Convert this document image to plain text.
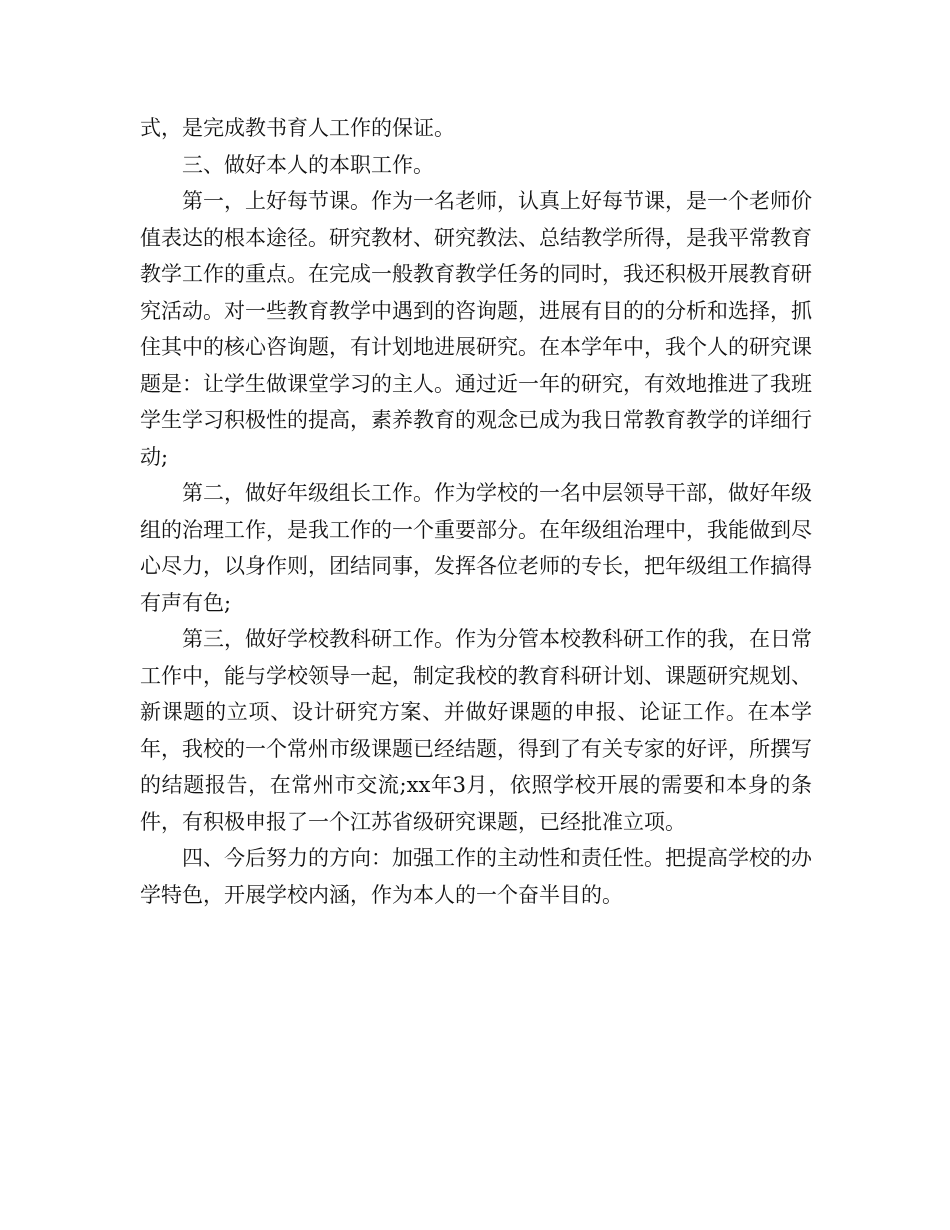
式，是完成教书育人工作的保证。

三、做好本人的本职工作。

第一，上好每节课。作为一名老师，认真上好每节课，是一个老师价值表达的根本途径。研究教材、研究教法、总结教学所得，是我平常教育教学工作的重点。在完成一般教育教学任务的同时，我还积极开展教育研究活动。对一些教育教学中遇到的咨询题，进展有目的的分析和选择，抓住其中的核心咨询题，有计划地进展研究。在本学年中，我个人的研究课题是：让学生做课堂学习的主人。通过近一年的研究，有效地推进了我班学生学习积极性的提高，素养教育的观念已成为我日常教育教学的详细行动;

第二，做好年级组长工作。作为学校的一名中层领导干部，做好年级组的治理工作，是我工作的一个重要部分。在年级组治理中，我能做到尽心尽力，以身作则，团结同事，发挥各位老师的专长，把年级组工作搞得有声有色;

第三，做好学校教科研工作。作为分管本校教科研工作的我，在日常工作中，能与学校领导一起，制定我校的教育科研计划、课题研究规划、新课题的立项、设计研究方案、并做好课题的申报、论证工作。在本学年，我校的一个常州市级课题已经结题，得到了有关专家的好评，所撰写的结题报告，在常州市交流;xx年3月，依照学校开展的需要和本身的条件，有积极申报了一个江苏省级研究课题，已经批准立项。

四、今后努力的方向：加强工作的主动性和责任性。把提高学校的办学特色，开展学校内涵，作为本人的一个奋半目的。
